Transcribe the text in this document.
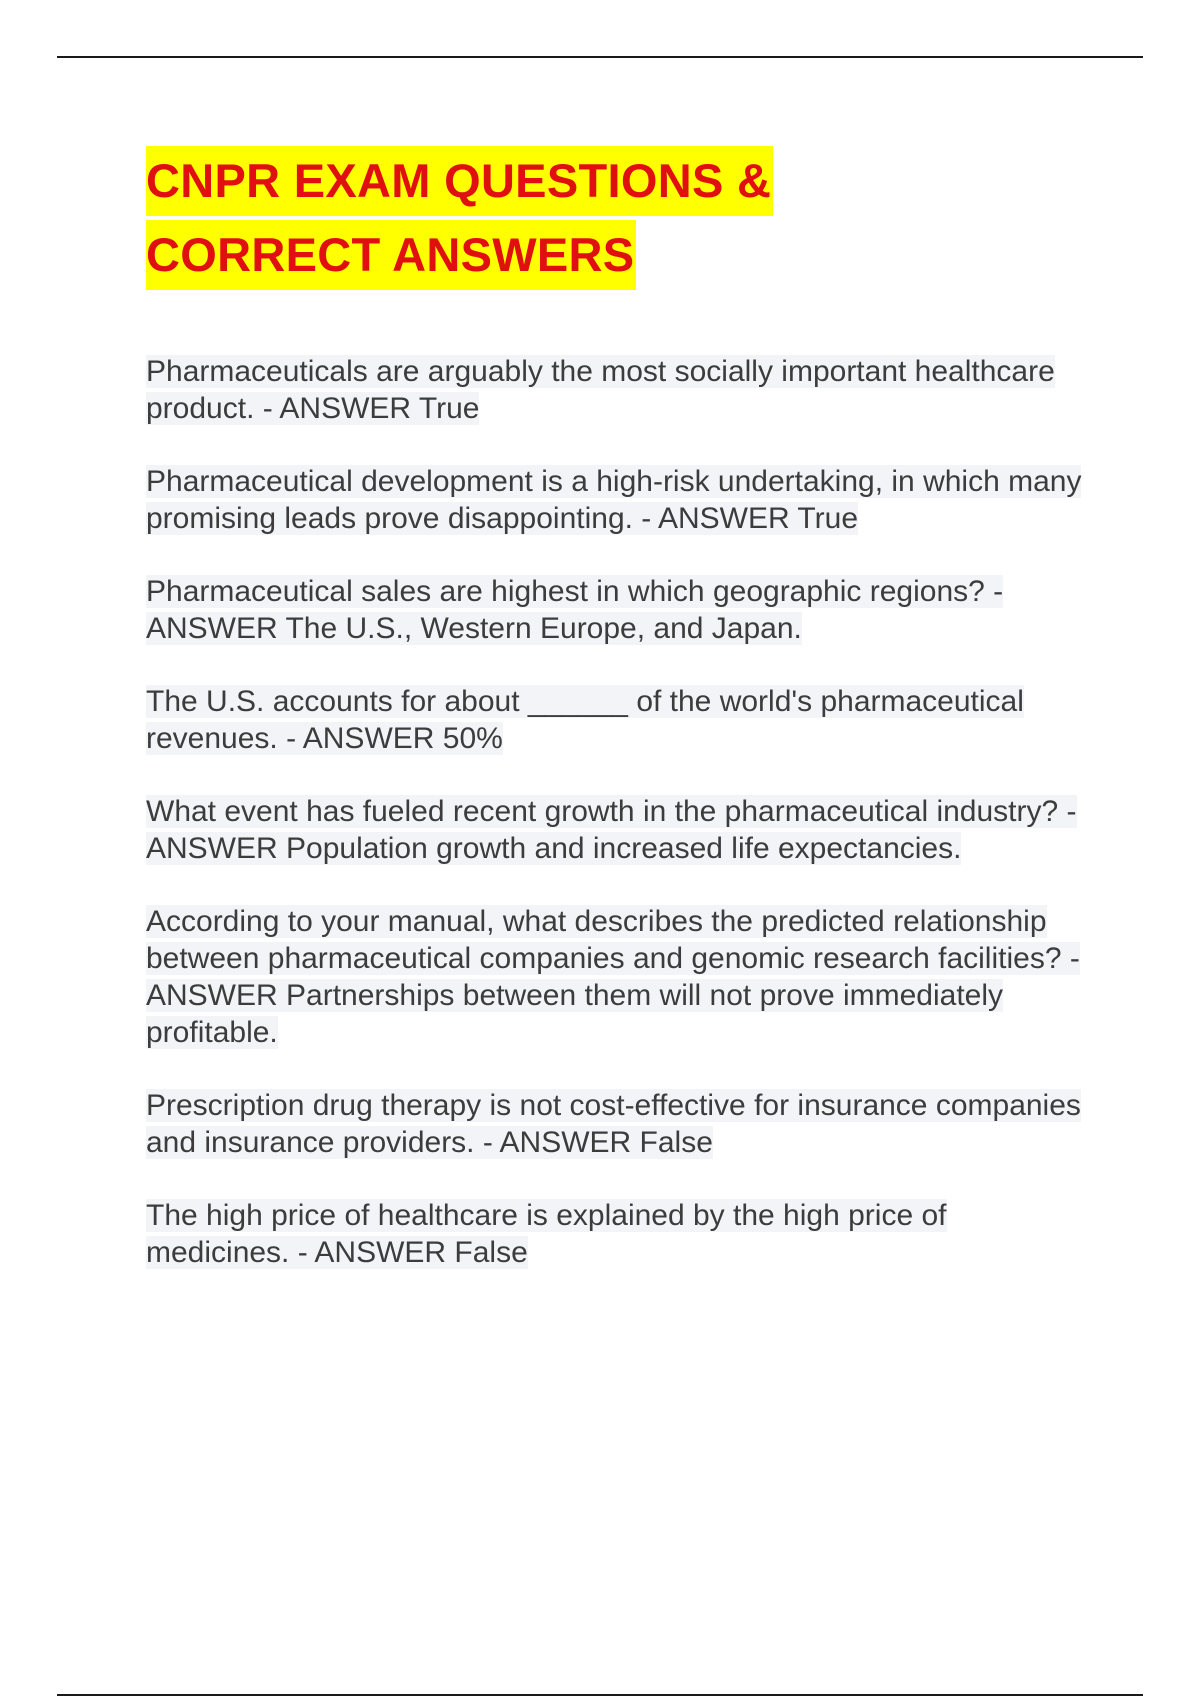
CNPR EXAM QUESTIONS &
CORRECT ANSWERS

Pharmaceuticals are arguably the most socially important healthcare product. - ANSWER True

Pharmaceutical development is a high-risk undertaking, in which many promising leads prove disappointing. - ANSWER True

Pharmaceutical sales are highest in which geographic regions? - ANSWER The U.S., Western Europe, and Japan.

The U.S. accounts for about ______ of the world's pharmaceutical revenues. - ANSWER 50%

What event has fueled recent growth in the pharmaceutical industry? - ANSWER Population growth and increased life expectancies.

According to your manual, what describes the predicted relationship between pharmaceutical companies and genomic research facilities? - ANSWER Partnerships between them will not prove immediately profitable.

Prescription drug therapy is not cost-effective for insurance companies and insurance providers. - ANSWER False

The high price of healthcare is explained by the high price of medicines. - ANSWER False
